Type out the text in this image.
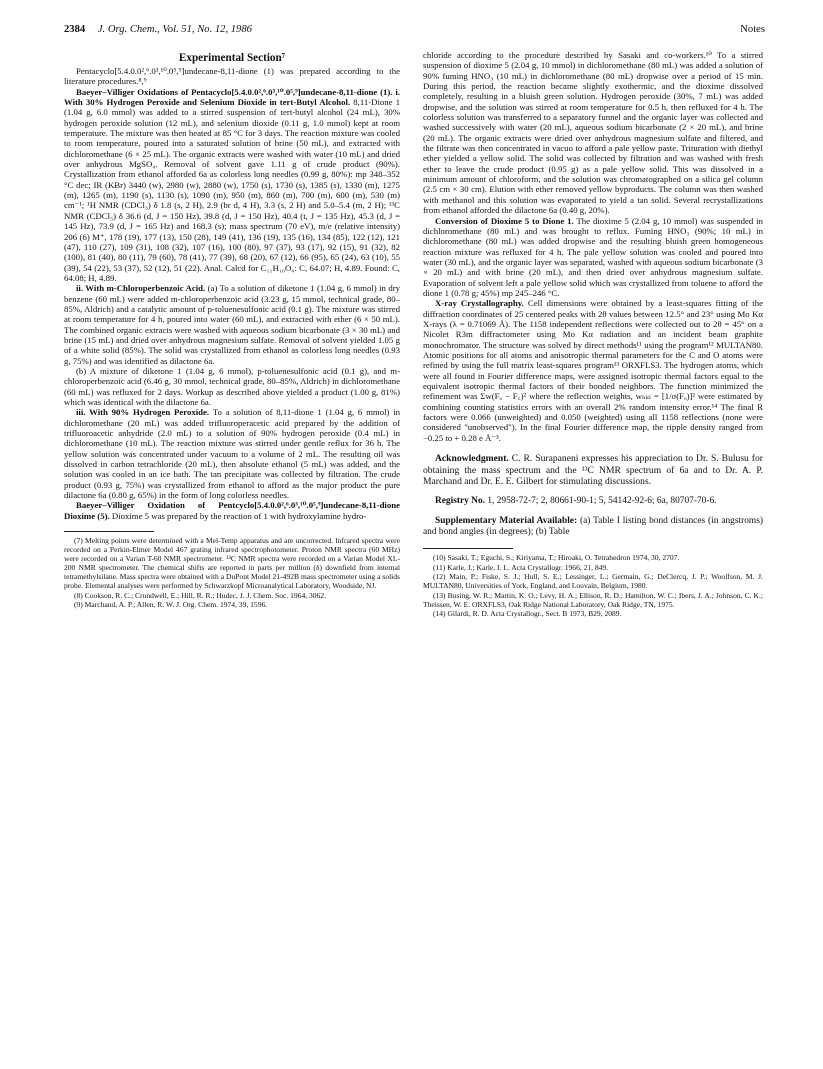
2384 J. Org. Chem., Vol. 51, No. 12, 1986	Notes
Experimental Section⁷

Pentacyclo[5.4.0.0²,⁶.0³,¹⁰.0⁵,⁹]undecane-8,11-dione (1) was prepared according to the literature procedures.⁸,⁹

Baeyer–Villiger Oxidations of Pentacyclo[5.4.0.0²,⁶.0³,¹⁰.0⁵,⁹]undecane-8,11-dione (1). i. With 30% Hydrogen Peroxide and Selenium Dioxide in tert-Butyl Alcohol. 8,11-Dione 1 (1.04 g, 6.0 mmol) was added to a stirred suspension of tert-butyl alcohol (24 mL), 30% hydrogen peroxide solution (12 mL), and selenium dioxide (0.11 g, 1.0 mmol) kept at room temperature. The mixture was then heated at 85 °C for 3 days. The reaction mixture was cooled to room temperature, poured into a saturated solution of brine (50 mL), and extracted with dichloromethane (6 × 25 mL). The organic extracts were washed with water (10 mL) and dried over anhydrous MgSO₄. Removal of solvent gave 1.11 g of crude product (90%). Crystallization from ethanol afforded 6a as colorless long needles (0.99 g, 80%): mp 348–352 °C dec; IR (KBr) 3440 (w), 2980 (w), 2880 (w), 1750 (s), 1730 (s), 1385 (s), 1330 (m), 1275 (m), 1265 (m), 1190 (s), 1130 (s), 1090 (m), 950 (m), 860 (m), 700 (m), 600 (m), 530 (m) cm⁻¹; ¹H NMR (CDCl₃) δ 1.8 (s, 2 H), 2.9 (br d, 4 H), 3.3 (s, 2 H) and 5.0–5.4 (m, 2 H); ¹³C NMR (CDCl₃) δ 36.6 (d, J = 150 Hz), 39.8 (d, J = 150 Hz), 40.4 (t, J = 135 Hz), 45.3 (d, J = 145 Hz), 73.9 (d, J = 165 Hz) and 168.3 (s); mass spectrum (70 eV), m/e (relative intensity) 206 (6) M⁺, 178 (19), 177 (13), 150 (28), 149 (41), 136 (19), 135 (16), 134 (85), 122 (12), 121 (47), 110 (27), 109 (31), 108 (32), 107 (16), 100 (80), 97 (37), 93 (17), 92 (15), 91 (32), 82 (100), 81 (40), 80 (11), 79 (60), 78 (41), 77 (39), 68 (20), 67 (12), 66 (95), 65 (24), 63 (10), 55 (39), 54 (22), 53 (37), 52 (12), 51 (22). Anal. Calcd for C₁₁H₁₀O₄: C, 64.07; H, 4.89. Found: C, 64.08; H, 4.89.

ii. With m-Chloroperbenzoic Acid. (a) To a solution of diketone 1 (1.04 g, 6 mmol) in dry benzene (60 mL) were added m-chloroperbenzoic acid (3.23 g, 15 mmol, technical grade, 80–85%, Aldrich) and a catalytic amount of p-toluenesulfonic acid (0.1 g). The mixture was stirred at room temperature for 4 h, poured into water (60 mL), and extracted with ether (6 × 50 mL). The combined organic extracts were washed with aqueous sodium bicarbonate (3 × 30 mL) and brine (15 mL) and dried over anhydrous magnesium sulfate. Removal of solvent yielded 1.05 g of a white solid (85%). The solid was crystallized from ethanol as colorless long needles (0.93 g, 75%) and was identified as dilactone 6a.

(b) A mixture of diketone 1 (1.04 g, 6 mmol), p-toluenesulfonic acid (0.1 g), and m-chloroperbenzoic acid (6.46 g, 30 mmol, technical grade, 80–85%, Aldrich) in dichloromethane (60 mL) was refluxed for 2 days. Workup as described above yielded a product (1.00 g, 81%) which was identical with the dilactone 6a.

iii. With 90% Hydrogen Peroxide. To a solution of 8,11-dione 1 (1.04 g, 6 mmol) in dichloromethane (20 mL) was added trifluoroperacetic acid prepared by the addition of trifluoroacetic anhydride (2.0 mL) to a solution of 90% hydrogen peroxide (0.4 mL) in dichloromethane (10 mL). The reaction mixture was stirred under gentle reflux for 36 h. The yellow solution was concentrated under vacuum to a volume of 2 mL. The resulting oil was dissolved in carbon tetrachloride (20 mL), then absolute ethanol (5 mL) was added, and the solution was cooled in an ice bath. The tan precipitate was collected by filtration. The crude product (0.93 g, 75%) was crystallized from ethanol to afford as the major product the pure dilactone 6a (0.80 g, 65%) in the form of long colorless needles.

Baeyer–Villiger Oxidation of Pentcyclo[5.4.0.0²,⁶.0³,¹⁰.0⁵,⁹]undecane-8,11-dione Dioxime (5). Dioxime 5 was prepared by the reaction of 1 with hydroxylamine hydro-

(7) Melting points were determined with a Mel-Temp apparatus and are uncorrected. Infrared spectra were recorded on a Perkin-Elmer Model 467 grating infrared spectrophotometer. Proton NMR spectra (60 MHz) were recorded on a Varian T-60 NMR spectrometer. ¹³C NMR spectra were recorded on a Varian Model XL-200 NMR spectrometer. The chemical shifts are reported in parts per million (δ) downfield from internal tetramethylsilane. Mass spectra were obtained with a DuPont Model 21-492B mass spectrometer using a solids probe. Elemental analyses were performed by Schwarzkopf Microanalytical Laboratory, Woodside, NJ.

(8) Cookson, R. C.; Crundwell, E.; Hill, R. R.; Hudec, J. J. Chem. Soc. 1964, 3062.

(9) Marchand, A. P.; Allen, R. W. J. Org. Chem. 1974, 39, 1596.

chloride according to the procedure described by Sasaki and co-workers.¹⁰ To a stirred suspension of dioxime 5 (2.04 g, 10 mmol) in dichloromethane (80 mL) was added a solution of 90% fuming HNO₃ (10 mL) in dichloromethane (80 mL) dropwise over a period of 15 min. During this period, the reaction became slightly exothermic, and the dioxime dissolved completely, resulting in a bluish green solution. Hydrogen peroxide (30%, 7 mL) was added dropwise, and the solution was stirred at room temperature for 0.5 h, then refluxed for 4 h. The colorless solution was transferred to a separatory funnel and the organic layer was collected and washed successively with water (20 mL), aqueous sodium bicarbonate (2 × 20 mL), and brine (20 mL). The organic extracts were dried over anhydrous magnesium sulfate and filtered, and the filtrate was then concentrated in vacuo to afford a pale yellow paste. Trituration with diethyl ether yielded a yellow solid. The solid was collected by filtration and was washed with fresh ether to leave the crude product (0.95 g) as a pale yellow solid. This was dissolved in a minimum amount of chloroform, and the solution was chromatographed on a silica gel column (2.5 cm × 30 cm). Elution with ether removed yellow byproducts. The column was then washed with methanol and this solution was evaporated to yield a tan solid. Several recrystallizations from ethanol afforded the dilactone 6a (0.40 g, 20%).

Conversion of Dioxime 5 to Dione 1. The dioxime 5 (2.04 g, 10 mmol) was suspended in dichloromethane (80 mL) and was brought to reflux. Fuming HNO₃ (90%; 10 mL) in dichloromethane (80 mL) was added dropwise and the resulting bluish green homogeneous reaction mixture was refluxed for 4 h. The pale yellow solution was cooled and poured into water (30 mL), and the organic layer was separated, washed with aqueous sodium bicarbonate (3 × 20 mL) and with brine (20 mL), and then dried over anhydrous magnesium sulfate. Evaporation of solvent left a pale yellow solid which was crystallized from toluene to afford the dione 1 (0.78 g; 45%) mp 245–246 °C.

X-ray Crystallography. Cell dimensions were obtained by a least-squares fitting of the diffraction coordinates of 25 centered peaks with 2θ values between 12.5° and 23° using Mo Kα X-rays (λ = 0.71069 Å). The 1158 independent reflections were collected out to 2θ = 45° on a Nicolet R3m diffractometer using Mo Kα radiation and an incident beam graphite monochromator. The structure was solved by direct methods¹¹ using the program¹² MULTAN80. Atomic positions for all atoms and anisotropic thermal parameters for the C and O atoms were refined by using the full matrix least-squares program¹³ ORXFLS3. The hydrogen atoms, which were all found in Fourier difference maps, were assigned isotropic thermal factors equal to the equivalent isotropic thermal factors of their bonded neighbors. The function minimized the refinement was Σw(Fₒ − F꜀)² where the reflection weights, wₕₖₗ = [1/σ(Fₒ)]² were estimated by combining counting statistics errors with an overall 2% random intensity error.¹⁴ The final R factors were 0.066 (unweighted) and 0.050 (weighted) using all 1158 reflections (none were considered "unobserved"). In the final Fourier difference map, the ripple density ranged from −0.25 to + 0.28 e Å⁻³.

Acknowledgment. C. R. Surapaneni expresses his appreciation to Dr. S. Bulusu for obtaining the mass spectrum and the ¹³C NMR spectrum of 6a and to Dr. A. P. Marchand and Dr. E. E. Gilbert for stimulating discussions.

Registry No. 1, 2958-72-7; 2, 80661-90-1; 5, 54142-92-6; 6a, 80707-70-6.

Supplementary Material Available: (a) Table I listing bond distances (in angstroms) and bond angles (in degrees); (b) Table

(10) Sasaki, T.; Eguchi, S.; Kiriyama, T.; Hiroaki, O. Tetrahedron 1974, 30, 2707.

(11) Karle, J.; Karle, I. L. Acta Crystallogr. 1966, 21, 849.

(12) Main, P.; Fiske, S. J.; Hull, S. E.; Lessinger, L.; Germain, G.; DeClercq, J. P.; Woolfson, M. J. MULTAN80, Universities of York, England, and Louvain, Belgium, 1980.

(13) Busing, W. R.; Martin, K. O.; Levy, H. A.; Ellison, R. D.; Hamilton, W. C.; Ibers, J. A.; Johnson, C. K.; Theissen, W. E. ORXFLS3, Oak Ridge National Laboratory, Oak Ridge, TN, 1975.

(14) Gilardi, R. D. Acta Crystallogr., Sect. B 1973, B29, 2089.
